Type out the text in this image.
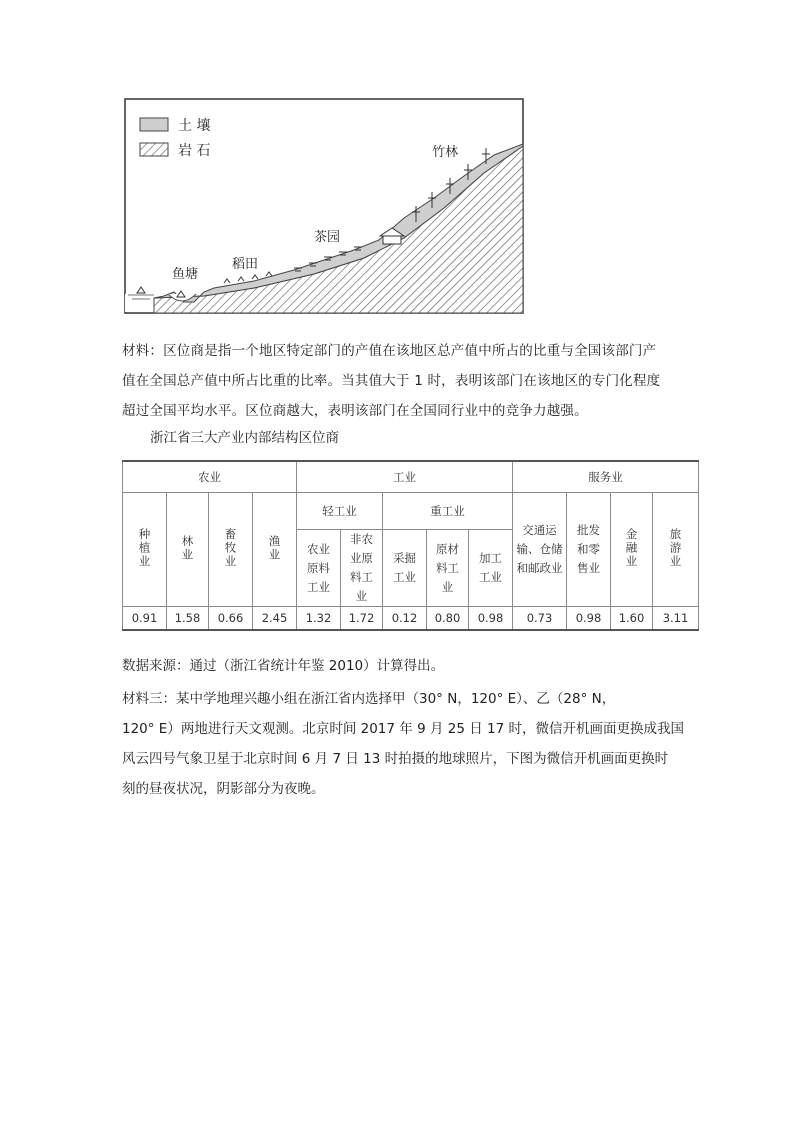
土 壤
岩 石	竹林
茶园
稻田
鱼塘

材料：区位商是指一个地区特定部门的产值在该地区总产值中所占的比重与全国该部门产

值在全国总产值中所占比重的比率。当其值大于 1 时，表明该部门在该地区的专门化程度

超过全国平均水平。区位商越大，表明该部门在全国同行业中的竞争力越强。

浙江省三大产业内部结构区位商
农业				工业					服务业			
种植业	林业	畜牧业	渔业	轻工业		重工业			交通运输、仓储和邮政业	批发和零售业	金融业	旅游业
				农业原料工业	非农业原料工业	采掘工业	原材料工业	加工工业				
0.91	1.58	0.66	2.45	1.32	1.72	0.12	0.80	0.98	0.73	0.98	1.60	3.11
数据来源：通过（浙江省统计年鉴 2010）计算得出。

材料三：某中学地理兴趣小组在浙江省内选择甲（30° N，120° E）、乙（28° N，

120° E）两地进行天文观测。北京时间 2017 年 9 月 25 日 17 时，微信开机画面更换成我国

风云四号气象卫星于北京时间 6 月 7 日 13 时拍摄的地球照片，下图为微信开机画面更换时

刻的昼夜状况，阴影部分为夜晚。
